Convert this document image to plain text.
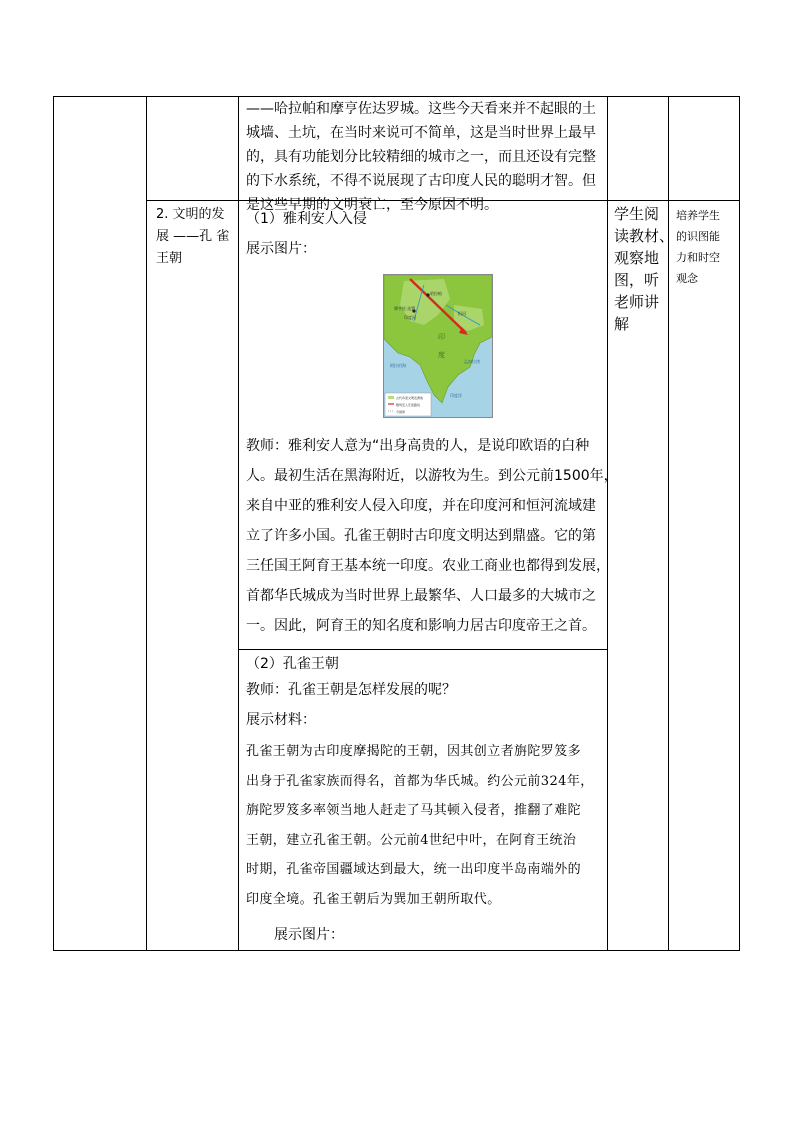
——哈拉帕和摩亨佐达罗城。这些今天看来并不起眼的土

城墙、土坑，在当时来说可不简单，这是当时世界上最早

的，具有功能划分比较精细的城市之一，而且还设有完整

的下水系统，不得不说展现了古印度人民的聪明才智。但

是这些早期的文明衰亡，至今原因不明。

2. 文明的发

展 ——孔 雀

王朝

学生阅

读教材、

观察地

图，听

老师讲

解

培养学生

的识图能

力和时空

观念

（1）雅利安人入侵

展示图片：

摩亨佐·达罗
哈拉帕
印度河
恒河
印
度
阿拉伯海
孟加拉湾
印度洋
古代印度文明发源地
雅利安人迁徙路线
今国界

教师：雅利安人意为“出身高贵的人，是说印欧语的白种

人。最初生活在黑海附近，以游牧为生。到公元前1500年，

来自中亚的雅利安人侵入印度，并在印度河和恒河流域建

立了许多小国。孔雀王朝时古印度文明达到鼎盛。它的第

三任国王阿育王基本统一印度。农业工商业也都得到发展，

首都华氏城成为当时世界上最繁华、人口最多的大城市之

一。因此，阿育王的知名度和影响力居古印度帝王之首。

（2）孔雀王朝

教师：孔雀王朝是怎样发展的呢？

展示材料：

孔雀王朝为古印度摩揭陀的王朝，因其创立者旃陀罗笈多

出身于孔雀家族而得名，首都为华氏城。约公元前324年，

旃陀罗笈多率领当地人赶走了马其顿入侵者，推翻了难陀

王朝，建立孔雀王朝。公元前4世纪中叶，在阿育王统治

时期，孔雀帝国疆域达到最大，统一出印度半岛南端外的

印度全境。孔雀王朝后为巽加王朝所取代。

展示图片：
